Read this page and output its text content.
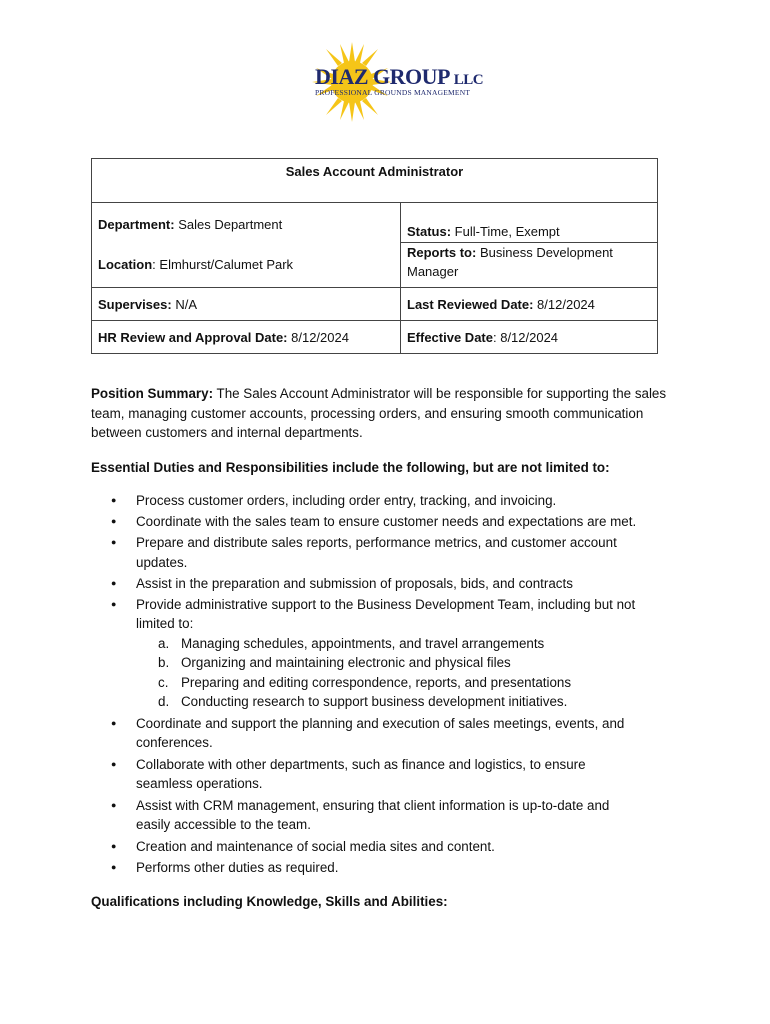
DIAZ GROUP LLC
PROFESSIONAL GROUNDS MANAGEMENT
Sales Account Administrator	

Department: Sales Department
Location: Elmhurst/Calumet Park	Status: Full-Time, Exempt
	Reports to: Business Development Manager
Supervises: N/A	Last Reviewed Date: 8/12/2024
HR Review and Approval Date: 8/12/2024	Effective Date: 8/12/2024

Position Summary: The Sales Account Administrator will be responsible for supporting the sales team, managing customer accounts, processing orders, and ensuring smooth communication between customers and internal departments.

Essential Duties and Responsibilities include the following, but are not limited to:

● Process customer orders, including order entry, tracking, and invoicing.
● Coordinate with the sales team to ensure customer needs and expectations are met.
● Prepare and distribute sales reports, performance metrics, and customer account updates.
● Assist in the preparation and submission of proposals, bids, and contracts
● Provide administrative support to the Business Development Team, including but not limited to:
a. Managing schedules, appointments, and travel arrangements
b. Organizing and maintaining electronic and physical files
c. Preparing and editing correspondence, reports, and presentations
d. Conducting research to support business development initiatives.
● Coordinate and support the planning and execution of sales meetings, events, and conferences.
● Collaborate with other departments, such as finance and logistics, to ensure seamless operations.
● Assist with CRM management, ensuring that client information is up-to-date and easily accessible to the team.
● Creation and maintenance of social media sites and content.
● Performs other duties as required.

Qualifications including Knowledge, Skills and Abilities:
